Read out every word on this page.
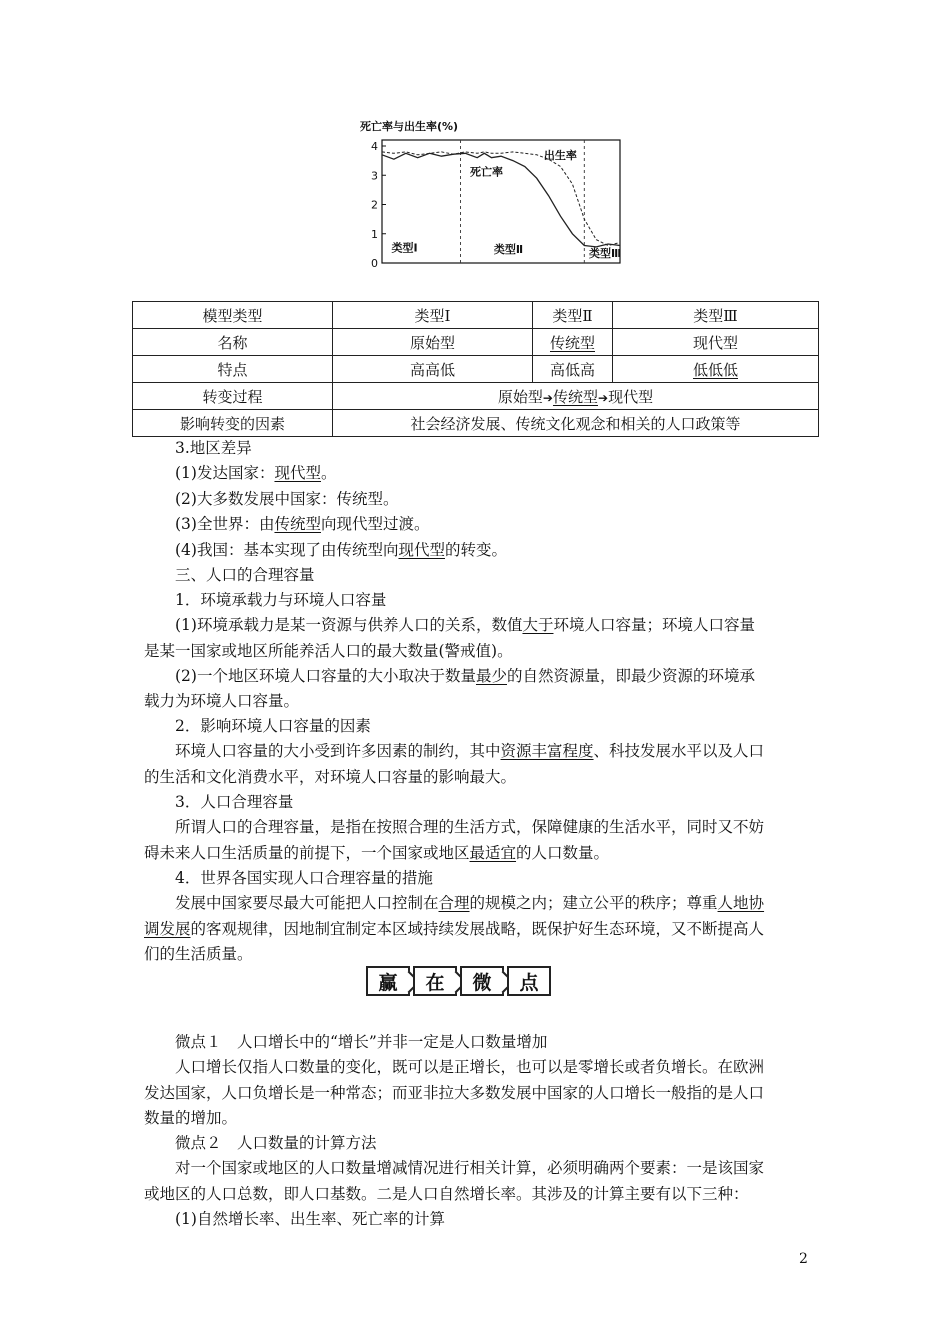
死亡率与出生率(%)
0
1
2
3
4
出生率
死亡率
类型Ⅰ	类型Ⅱ	类型Ⅲ
模型类型	类型Ⅰ	类型Ⅱ	类型Ⅲ
名称	原始型	传统型	现代型
特点	高高低	高低高	低低低
转变过程	原始型➔传统型➔现代型		
影响转变的因素	社会经济发展、传统文化观念和相关的人口政策等		
3.地区差异
(1)发达国家：现代型。
(2)大多数发展中国家：传统型。
(3)全世界：由传统型向现代型过渡。
(4)我国：基本实现了由传统型向现代型的转变。
三、人口的合理容量
1．环境承载力与环境人口容量
(1)环境承载力是某一资源与供养人口的关系，数值大于环境人口容量；环境人口容量
是某一国家或地区所能养活人口的最大数量(警戒值)。
(2)一个地区环境人口容量的大小取决于数量最少的自然资源量，即最少资源的环境承
载力为环境人口容量。
2．影响环境人口容量的因素
环境人口容量的大小受到许多因素的制约，其中资源丰富程度、科技发展水平以及人口
的生活和文化消费水平，对环境人口容量的影响最大。
3．人口合理容量
所谓人口的合理容量，是指在按照合理的生活方式，保障健康的生活水平，同时又不妨
碍未来人口生活质量的前提下，一个国家或地区最适宜的人口数量。
4．世界各国实现人口合理容量的措施
发展中国家要尽最大可能把人口控制在合理的规模之内；建立公平的秩序；尊重人地协
调发展的客观规律，因地制宜制定本区域持续发展战略，既保护好生态环境，又不断提高人
们的生活质量。
微点１　人口增长中的“增长”并非一定是人口数量增加
人口增长仅指人口数量的变化，既可以是正增长，也可以是零增长或者负增长。在欧洲
发达国家，人口负增长是一种常态；而亚非拉大多数发展中国家的人口增长一般指的是人口
数量的增加。
微点２　人口数量的计算方法
对一个国家或地区的人口数量增减情况进行相关计算，必须明确两个要素：一是该国家
或地区的人口总数，即人口基数。二是人口自然增长率。其涉及的计算主要有以下三种：
(1)自然增长率、出生率、死亡率的计算
赢	在	微	点
2
